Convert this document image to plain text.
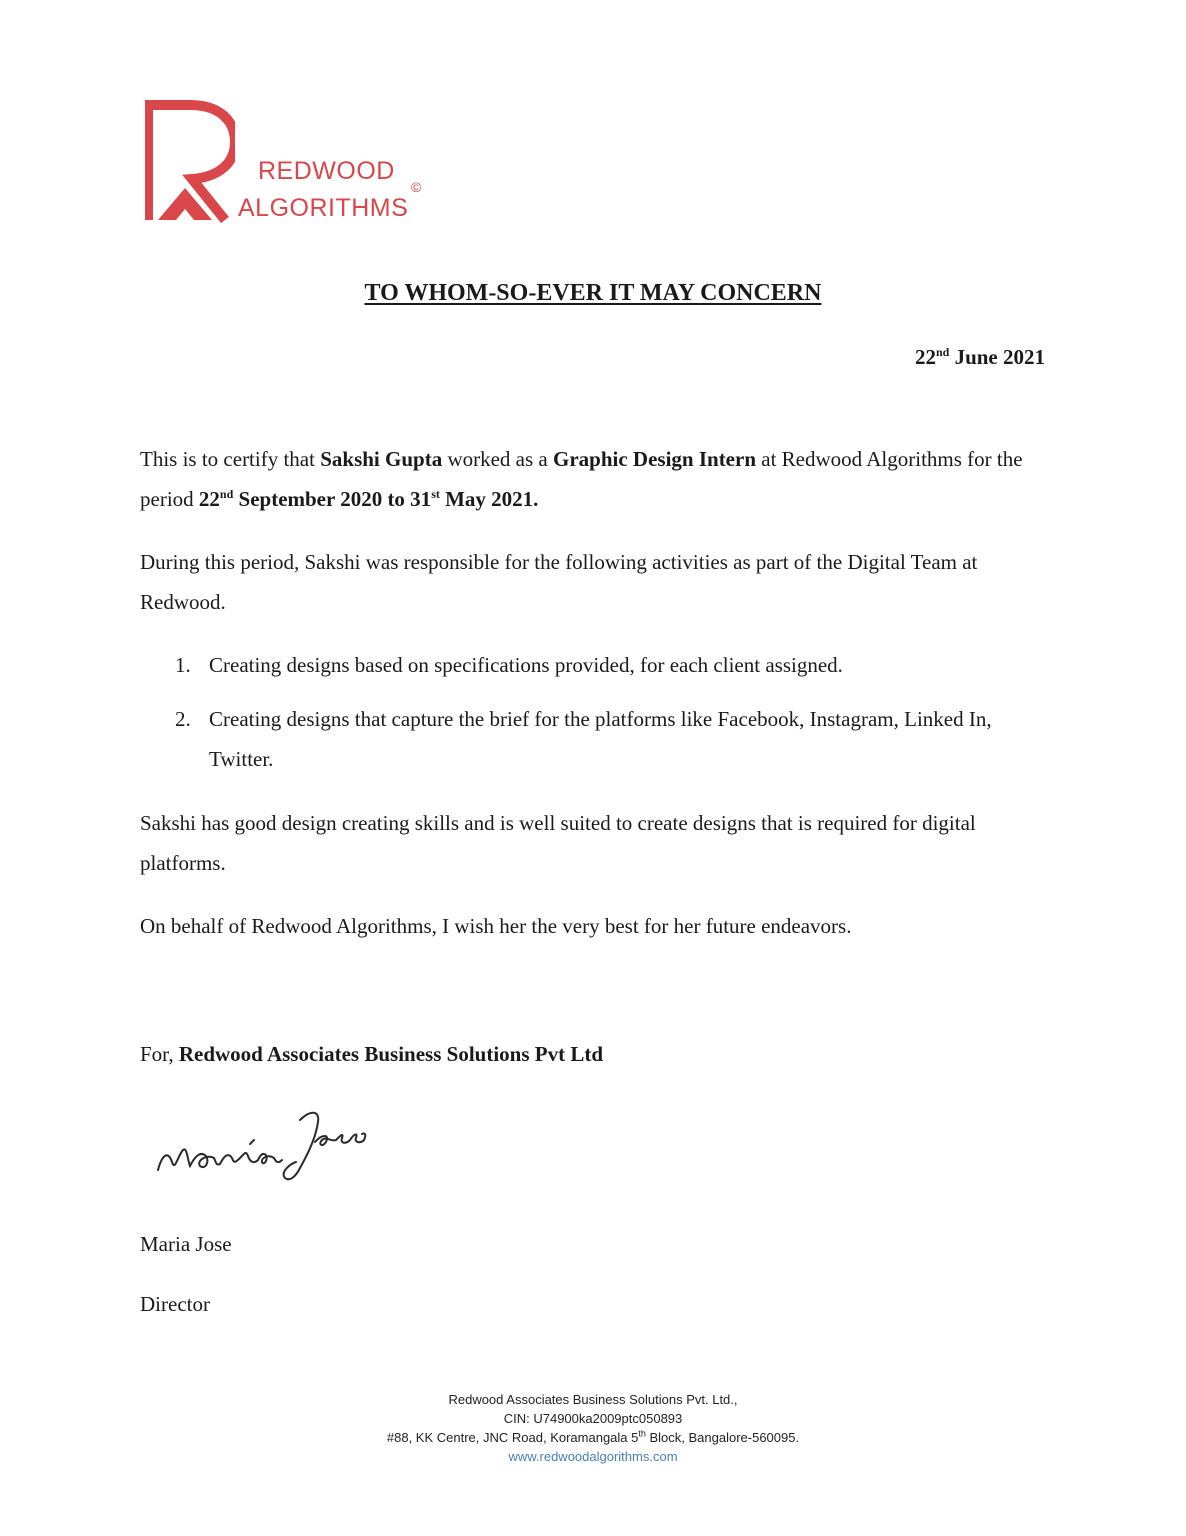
REDWOOD
ALGORITHMS
©
TO WHOM-SO-EVER IT MAY CONCERN
22nd June 2021
This is to certify that Sakshi Gupta worked as a Graphic Design Intern at Redwood Algorithms for the period 22nd September 2020 to 31st May 2021.
During this period, Sakshi was responsible for the following activities as part of the Digital Team at Redwood.
1. Creating designs based on specifications provided, for each client assigned.
2. Creating designs that capture the brief for the platforms like Facebook, Instagram, Linked In, Twitter.
Sakshi has good design creating skills and is well suited to create designs that is required for digital platforms.
On behalf of Redwood Algorithms, I wish her the very best for her future endeavors.
For, Redwood Associates Business Solutions Pvt Ltd
Maria Jose
Director
Redwood Associates Business Solutions Pvt. Ltd.,
CIN: U74900ka2009ptc050893
#88, KK Centre, JNC Road, Koramangala 5th Block, Bangalore-560095.
www.redwoodalgorithms.com
